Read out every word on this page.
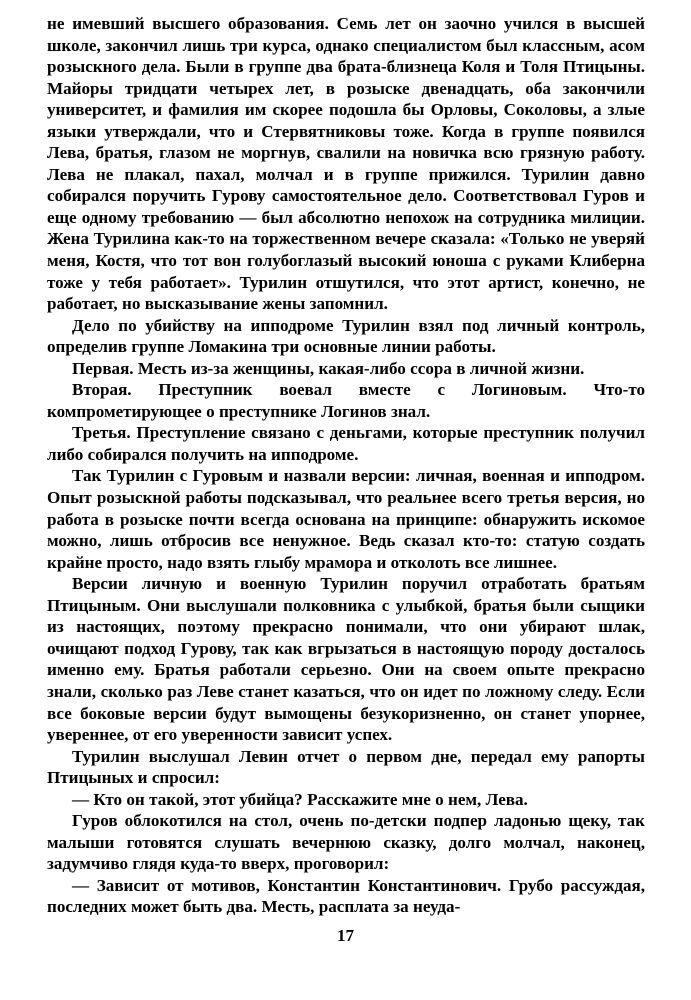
не имевший высшего образования. Семь лет он заочно учился в высшей школе, закончил лишь три курса, однако специалистом был классным, асом розыскного дела. Были в группе два брата-близнеца Коля и Толя Птицыны. Майоры тридцати четырех лет, в розыске двенадцать, оба закончили университет, и фамилия им скорее подошла бы Орловы, Соколовы, а злые языки утверждали, что и Стервятниковы тоже. Когда в группе появился Лева, братья, глазом не моргнув, свалили на новичка всю грязную работу. Лева не плакал, пахал, молчал и в группе прижился. Турилин давно собирался поручить Гурову самостоятельное дело. Соответствовал Гуров и еще одному требованию — был абсолютно непохож на сотрудника милиции. Жена Турилина как-то на торжественном вечере сказала: «Только не уверяй меня, Костя, что тот вон голубоглазый высокий юноша с руками Клиберна тоже у тебя работает». Турилин отшутился, что этот артист, конечно, не работает, но высказывание жены запомнил.

Дело по убийству на ипподроме Турилин взял под личный контроль, определив группе Ломакина три основные линии работы.

Первая. Месть из-за женщины, какая-либо ссора в личной жизни.

Вторая. Преступник воевал вместе с Логиновым. Что-то компрометирующее о преступнике Логинов знал.

Третья. Преступление связано с деньгами, которые преступник получил либо собирался получить на ипподроме.

Так Турилин с Гуровым и назвали версии: личная, военная и ипподром. Опыт розыскной работы подсказывал, что реальнее всего третья версия, но работа в розыске почти всегда основана на принципе: обнаружить искомое можно, лишь отбросив все ненужное. Ведь сказал кто-то: статую создать крайне просто, надо взять глыбу мрамора и отколоть все лишнее.

Версии личную и военную Турилин поручил отработать братьям Птицыным. Они выслушали полковника с улыбкой, братья были сыщики из настоящих, поэтому прекрасно понимали, что они убирают шлак, очищают подход Гурову, так как вгрызаться в настоящую породу досталось именно ему. Братья работали серьезно. Они на своем опыте прекрасно знали, сколько раз Леве станет казаться, что он идет по ложному следу. Если все боковые версии будут вымощены безукоризненно, он станет упорнее, увереннее, от его уверенности зависит успех.

Турилин выслушал Левин отчет о первом дне, передал ему рапорты Птицыных и спросил:

— Кто он такой, этот убийца? Расскажите мне о нем, Лева.

Гуров облокотился на стол, очень по-детски подпер ладонью щеку, так малыши готовятся слушать вечернюю сказку, долго молчал, наконец, задумчиво глядя куда-то вверх, проговорил:

— Зависит от мотивов, Константин Константинович. Грубо рассуждая, последних может быть два. Месть, расплата за неуда-

17
